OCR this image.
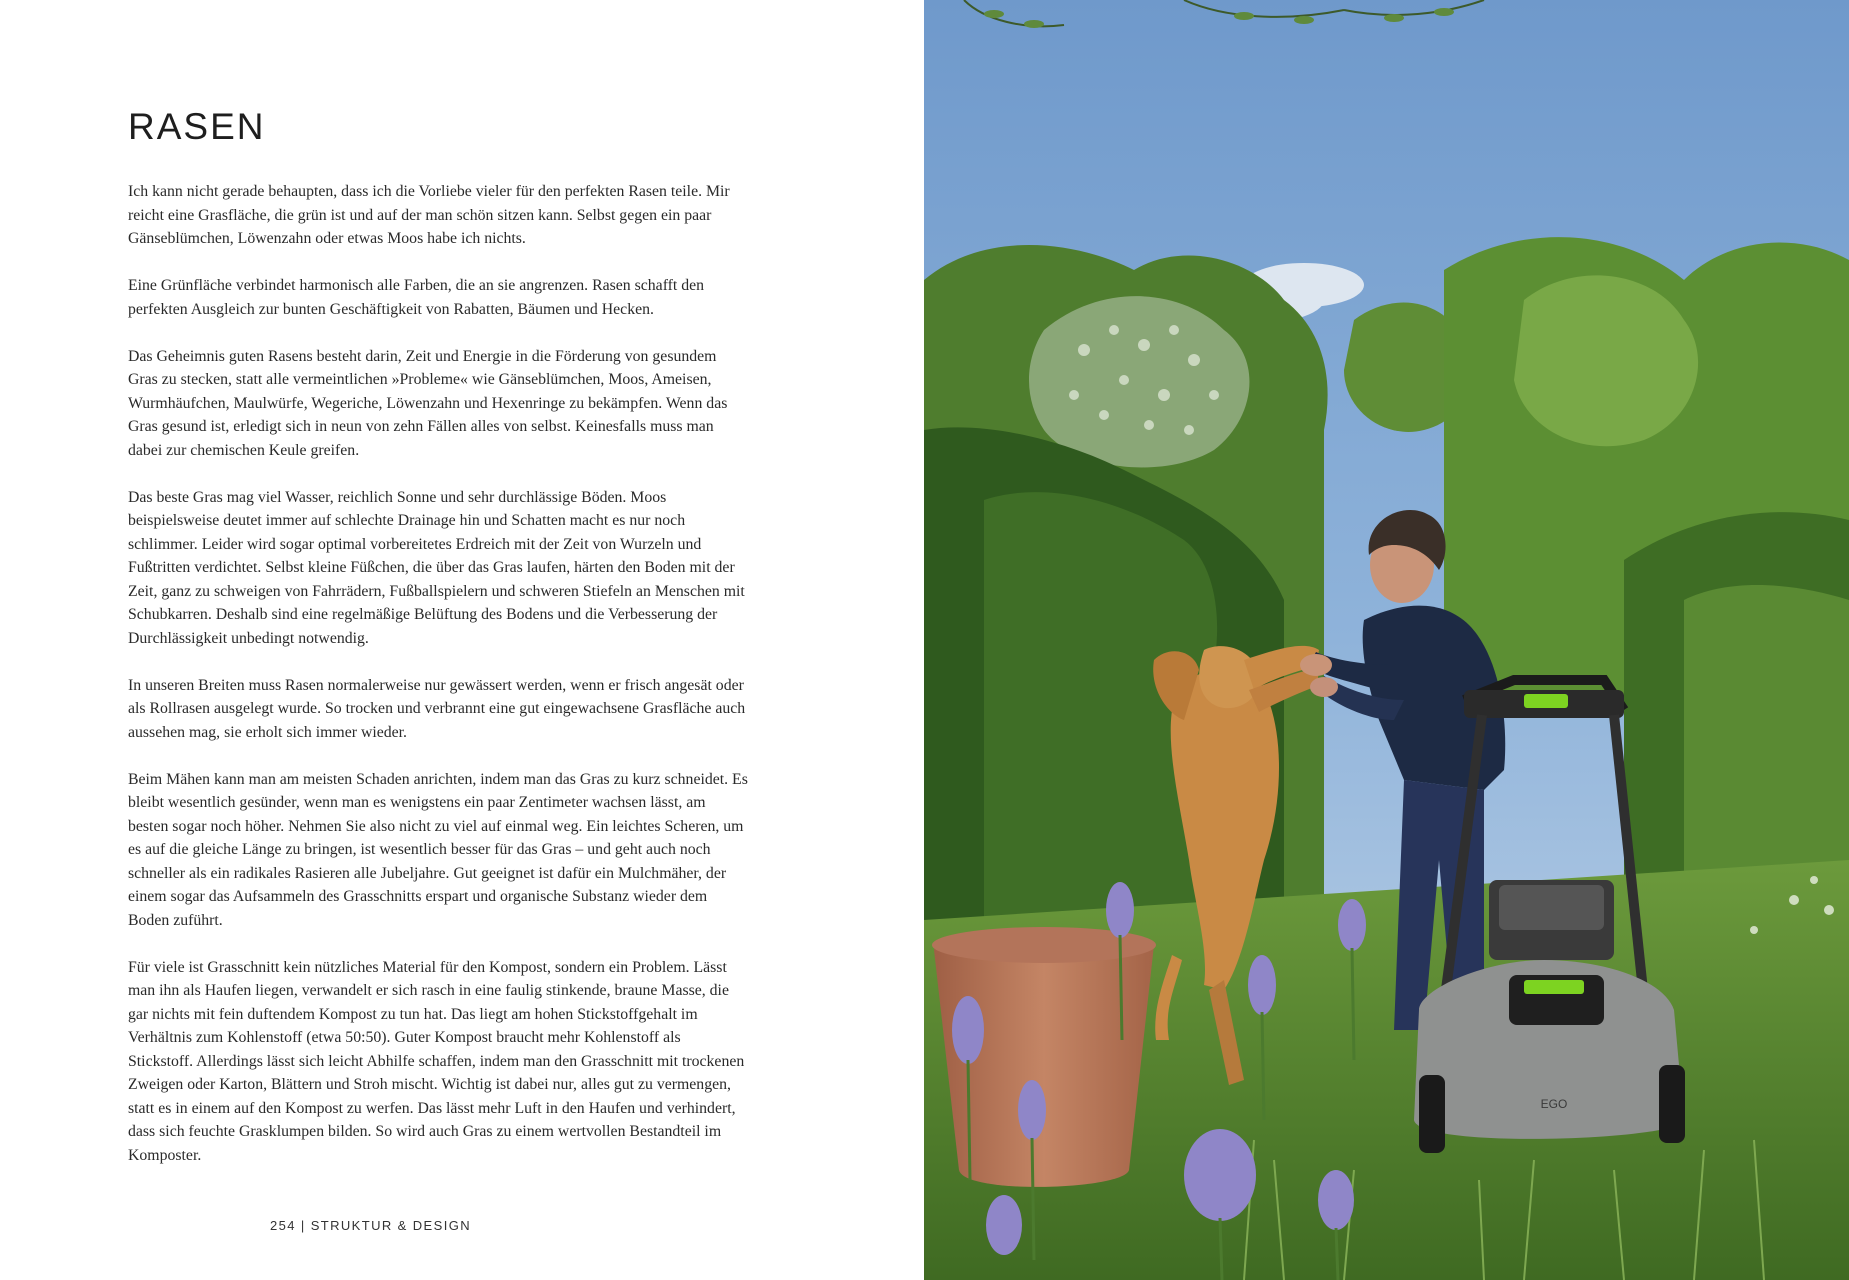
RASEN

Ich kann nicht gerade behaupten, dass ich die Vorliebe vieler für den perfekten Rasen teile. Mir reicht eine Grasfläche, die grün ist und auf der man schön sitzen kann. Selbst gegen ein paar Gänseblümchen, Löwenzahn oder etwas Moos habe ich nichts.

Eine Grünfläche verbindet harmonisch alle Farben, die an sie angrenzen. Rasen schafft den perfekten Ausgleich zur bunten Geschäftigkeit von Rabatten, Bäumen und Hecken.

Das Geheimnis guten Rasens besteht darin, Zeit und Energie in die Förderung von gesundem Gras zu stecken, statt alle vermeintlichen »Probleme« wie Gänseblümchen, Moos, Ameisen, Wurmhäufchen, Maulwürfe, Wegeriche, Löwenzahn und Hexenringe zu bekämpfen. Wenn das Gras gesund ist, erledigt sich in neun von zehn Fällen alles von selbst. Keinesfalls muss man dabei zur chemischen Keule greifen.

Das beste Gras mag viel Wasser, reichlich Sonne und sehr durchlässige Böden. Moos beispielsweise deutet immer auf schlechte Drainage hin und Schatten macht es nur noch schlimmer. Leider wird sogar optimal vorbereitetes Erdreich mit der Zeit von Wurzeln und Fußtritten verdichtet. Selbst kleine Füßchen, die über das Gras laufen, härten den Boden mit der Zeit, ganz zu schweigen von Fahrrädern, Fußballspielern und schweren Stiefeln an Menschen mit Schubkarren. Deshalb sind eine regelmäßige Belüftung des Bodens und die Verbesserung der Durchlässigkeit unbedingt notwendig.

In unseren Breiten muss Rasen normalerweise nur gewässert werden, wenn er frisch angesät oder als Rollrasen ausgelegt wurde. So trocken und verbrannt eine gut eingewachsene Grasfläche auch aussehen mag, sie erholt sich immer wieder.

Beim Mähen kann man am meisten Schaden anrichten, indem man das Gras zu kurz schneidet. Es bleibt wesentlich gesünder, wenn man es wenigstens ein paar Zentimeter wachsen lässt, am besten sogar noch höher. Nehmen Sie also nicht zu viel auf einmal weg. Ein leichtes Scheren, um es auf die gleiche Länge zu bringen, ist wesentlich besser für das Gras – und geht auch noch schneller als ein radikales Rasieren alle Jubeljahre. Gut geeignet ist dafür ein Mulchmäher, der einem sogar das Aufsammeln des Grasschnitts erspart und organische Substanz wieder dem Boden zuführt.

Für viele ist Grasschnitt kein nützliches Material für den Kompost, sondern ein Problem. Lässt man ihn als Haufen liegen, verwandelt er sich rasch in eine faulig stinkende, braune Masse, die gar nichts mit fein duftendem Kompost zu tun hat. Das liegt am hohen Stickstoffgehalt im Verhältnis zum Kohlenstoff (etwa 50:50). Guter Kompost braucht mehr Kohlenstoff als Stickstoff. Allerdings lässt sich leicht Abhilfe schaffen, indem man den Grasschnitt mit trockenen Zweigen oder Karton, Blättern und Stroh mischt. Wichtig ist dabei nur, alles gut zu vermengen, statt es in einem auf den Kompost zu werfen. Das lässt mehr Luft in den Haufen und verhindert, dass sich feuchte Grasklumpen bilden. So wird auch Gras zu einem wertvollen Bestandteil im Komposter.

254 | STRUKTUR & DESIGN
EGO
